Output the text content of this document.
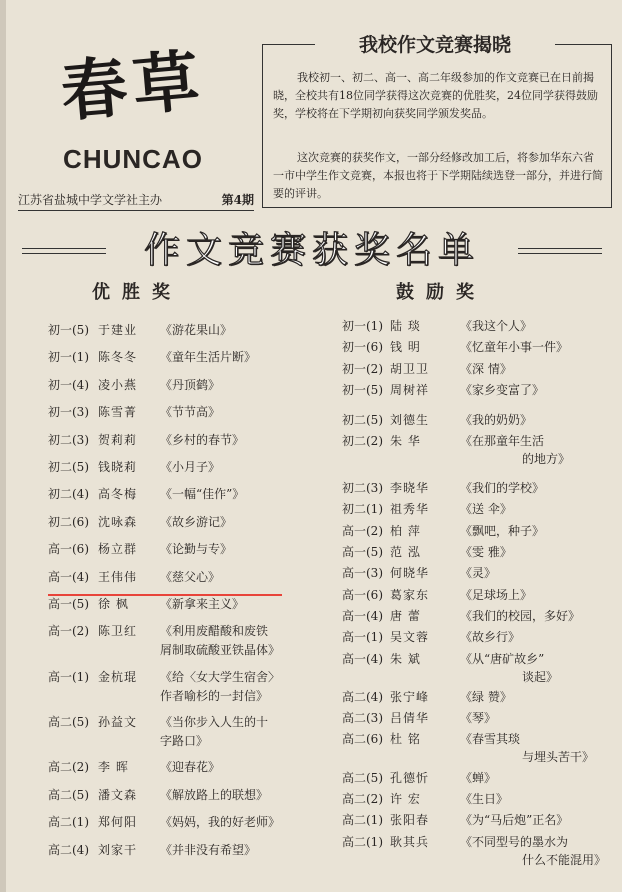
春草
CHUNCAO
江苏省盐城中学文学社主办	第4期
我校作文竞赛揭晓
我校初一、初二、高一、高二年级参加的作文竞赛已在日前揭晓，全校共有18位同学获得这次竞赛的优胜奖，24位同学获得鼓励奖，学校将在下学期初向获奖同学颁发奖品。
这次竞赛的获奖作文，一部分经修改加工后，将参加华东六省一市中学生作文竞赛，本报也将于下学期陆续选登一部分，并进行简要的评讲。
作文竞赛获奖名单
优胜奖	鼓励奖
初一(5) 于建业	《游花果山》
初一(1) 陈冬冬	《童年生活片断》
初一(4) 凌小燕	《丹顶鹤》
初一(3) 陈雪菁	《节节高》
初二(3) 贺莉莉	《乡村的春节》
初二(5) 钱晓莉	《小月子》
初二(4) 高冬梅	《一幅“佳作”》
初二(6) 沈咏森	《故乡游记》
高一(6) 杨立群	《论勤与专》
高一(4) 王伟伟	《慈父心》
高一(5) 徐 枫	《新拿来主义》
高一(2) 陈卫红	《利用废醋酸和废铁
屑制取硫酸亚铁晶体》
高一(1) 金杭琨	《给〈女大学生宿舍〉
作者喻杉的一封信》
高二(5) 孙益文	《当你步入人生的十
字路口》
高二(2) 李 晖	《迎春花》
高二(5) 潘文森	《解放路上的联想》
高二(1) 郑何阳	《妈妈，我的好老师》
高二(4) 刘家干	《并非没有希望》
初一(1) 陆 琰	《我这个人》
初一(6) 钱 明	《忆童年小事一件》
初一(2) 胡卫卫	《深 情》
初一(5) 周树祥	《家乡变富了》
初二(5) 刘德生	《我的奶奶》
初二(2) 朱 华	《在那童年生活
的地方》
初二(3) 李晓华	《我们的学校》
初二(1) 祖秀华	《送 伞》
高一(2) 柏 萍	《飘吧，种子》
高一(5) 范 泓	《雯 雅》
高一(3) 何晓华	《灵》
高一(6) 葛家东	《足球场上》
高一(4) 唐 蕾	《我们的校园，多好》
高一(1) 吴文蓉	《故乡行》
高一(4) 朱 斌	《从“唐矿故乡”
谈起》
高二(4) 张宁峰	《绿 赞》
高二(3) 吕倩华	《琴》
高二(6) 杜 铭	《春雪其琰
与埋头苦干》
高二(5) 孔德忻	《蝉》
高二(2) 许 宏	《生日》
高二(1) 张阳春	《为“马后炮”正名》
高二(1) 耿其兵	《不同型号的墨水为
什么不能混用》
